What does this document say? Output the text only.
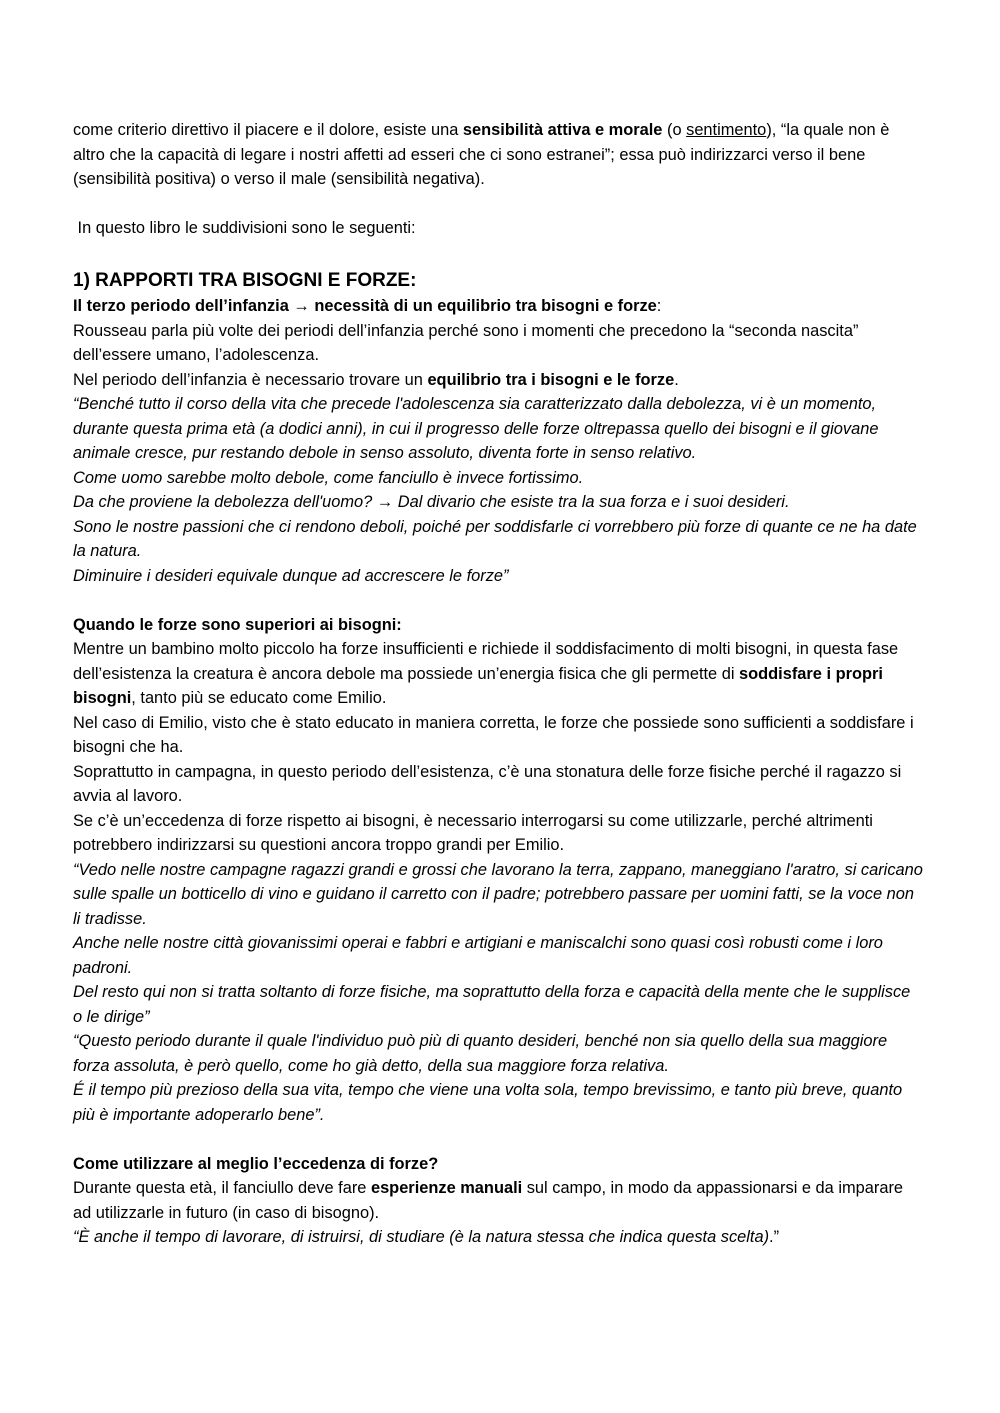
come criterio direttivo il piacere e il dolore, esiste una sensibilità attiva e morale (o sentimento), “la quale non è altro che la capacità di legare i nostri affetti ad esseri che ci sono estranei”; essa può indirizzarci verso il bene (sensibilità positiva) o verso il male (sensibilità negativa).

In questo libro le suddivisioni sono le seguenti:

1) RAPPORTI TRA BISOGNI E FORZE:

Il terzo periodo dell’infanzia → necessità di un equilibrio tra bisogni e forze:

Rousseau parla più volte dei periodi dell’infanzia perché sono i momenti che precedono la “seconda nascita” dell’essere umano, l’adolescenza.

Nel periodo dell’infanzia è necessario trovare un equilibrio tra i bisogni e le forze.

“Benché tutto il corso della vita che precede l'adolescenza sia caratterizzato dalla debolezza, vi è un momento, durante questa prima età (a dodici anni), in cui il progresso delle forze oltrepassa quello dei bisogni e il giovane animale cresce, pur restando debole in senso assoluto, diventa forte in senso relativo.

Come uomo sarebbe molto debole, come fanciullo è invece fortissimo.

Da che proviene la debolezza dell'uomo? → Dal divario che esiste tra la sua forza e i suoi desideri.

Sono le nostre passioni che ci rendono deboli, poiché per soddisfarle ci vorrebbero più forze di quante ce ne ha date la natura.

Diminuire i desideri equivale dunque ad accrescere le forze”

Quando le forze sono superiori ai bisogni:

Mentre un bambino molto piccolo ha forze insufficienti e richiede il soddisfacimento di molti bisogni, in questa fase dell’esistenza la creatura è ancora debole ma possiede un’energia fisica che gli permette di soddisfare i propri bisogni, tanto più se educato come Emilio.

Nel caso di Emilio, visto che è stato educato in maniera corretta, le forze che possiede sono sufficienti a soddisfare i bisogni che ha.

Soprattutto in campagna, in questo periodo dell’esistenza, c’è una stonatura delle forze fisiche perché il ragazzo si avvia al lavoro.

Se c’è un’eccedenza di forze rispetto ai bisogni, è necessario interrogarsi su come utilizzarle, perché altrimenti potrebbero indirizzarsi su questioni ancora troppo grandi per Emilio.

“Vedo nelle nostre campagne ragazzi grandi e grossi che lavorano la terra, zappano, maneggiano l'aratro, si caricano sulle spalle un botticello di vino e guidano il carretto con il padre; potrebbero passare per uomini fatti, se la voce non li tradisse.

Anche nelle nostre città giovanissimi operai e fabbri e artigiani e maniscalchi sono quasi così robusti come i loro padroni.

Del resto qui non si tratta soltanto di forze fisiche, ma soprattutto della forza e capacità della mente che le supplisce o le dirige”

“Questo periodo durante il quale l'individuo può più di quanto desideri, benché non sia quello della sua maggiore forza assoluta, è però quello, come ho già detto, della sua maggiore forza relativa.

É il tempo più prezioso della sua vita, tempo che viene una volta sola, tempo brevissimo, e tanto più breve, quanto più è importante adoperarlo bene”.

Come utilizzare al meglio l’eccedenza di forze?

Durante questa età, il fanciullo deve fare esperienze manuali sul campo, in modo da appassionarsi e da imparare ad utilizzarle in futuro (in caso di bisogno).

“È anche il tempo di lavorare, di istruirsi, di studiare (è la natura stessa che indica questa scelta).”
